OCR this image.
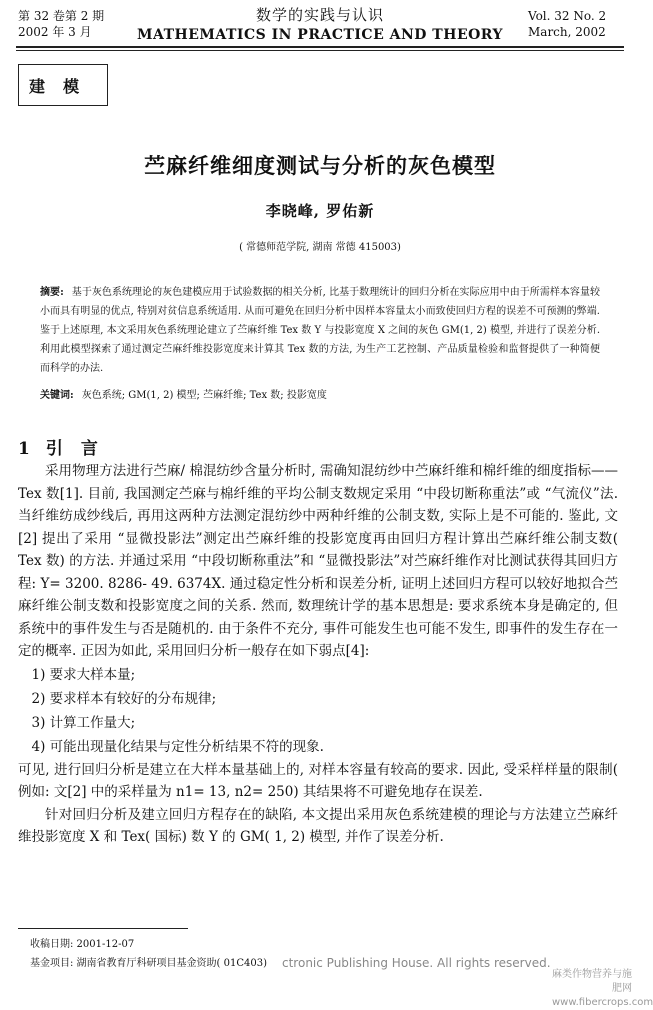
第 32 卷第 2 期
2002 年 3 月
数学的实践与认识
MATHEMATICS IN PRACTICE AND THEORY
Vol. 32 No. 2
March, 2002
建模
苎麻纤维细度测试与分析的灰色模型
李晓峰, 罗佑新
( 常德师范学院, 湖南 常德 415003)
摘要: 基于灰色系统理论的灰色建模应用于试验数据的相关分析, 比基于数理统计的回归分析在实际应用中由于所需样本容量较小而具有明显的优点, 特别对贫信息系统适用. 从而可避免在回归分析中因样本容量太小而致使回归方程的误差不可预测的弊端. 鉴于上述原理, 本文采用灰色系统理论建立了苎麻纤维 Tex 数 Y 与投影宽度 X 之间的灰色 GM(1, 2) 模型, 并进行了误差分析. 利用此模型探索了通过测定苎麻纤维投影宽度来计算其 Tex 数的方法, 为生产工艺控制、产品质量检验和监督提供了一种简便而科学的办法.
关键词: 灰色系统; GM(1, 2) 模型; 苎麻纤维; Tex 数; 投影宽度
1 引言

采用物理方法进行苎麻/ 棉混纺纱含量分析时, 需确知混纺纱中苎麻纤维和棉纤维的细度指标—— Tex 数[1]. 目前, 我国测定苎麻与棉纤维的平均公制支数规定采用 “中段切断称重法”或 “气流仪”法. 当纤维纺成纱线后, 再用这两种方法测定混纺纱中两种纤维的公制支数, 实际上是不可能的. 鉴此, 文[2] 提出了采用 “显微投影法”测定出苎麻纤维的投影宽度再由回归方程计算出苎麻纤维公制支数( Tex 数) 的方法. 并通过采用 “中段切断称重法”和 “显微投影法”对苎麻纤维作对比测试获得其回归方程: Y= 3200. 8286- 49. 6374X. 通过稳定性分析和误差分析, 证明上述回归方程可以较好地拟合苎麻纤维公制支数和投影宽度之间的关系. 然而, 数理统计学的基本思想是: 要求系统本身是确定的, 但系统中的事件发生与否是随机的. 由于条件不充分, 事件可能发生也可能不发生, 即事件的发生存在一定的概率. 正因为如此, 采用回归分析一般存在如下弱点[4]:

1) 要求大样本量;
2) 要求样本有较好的分布规律;
3) 计算工作量大;
4) 可能出现量化结果与定性分析结果不符的现象.

可见, 进行回归分析是建立在大样本量基础上的, 对样本容量有较高的要求. 因此, 受采样样量的限制( 例如: 文[2] 中的采样量为 n1= 13, n2= 250) 其结果将不可避免地存在误差.

针对回归分析及建立回归方程存在的缺陷, 本文提出采用灰色系统建模的理论与方法建立苎麻纤维投影宽度 X 和 Tex( 国标) 数 Y 的 GM( 1, 2) 模型, 并作了误差分析.

收稿日期: 2001-12-07
基金项目: 湖南省教育厅科研项目基金资助( 01C403) ctronic Publishing House. All rights reserved.
麻类作物营养与施肥网 www.fibercrops.com
